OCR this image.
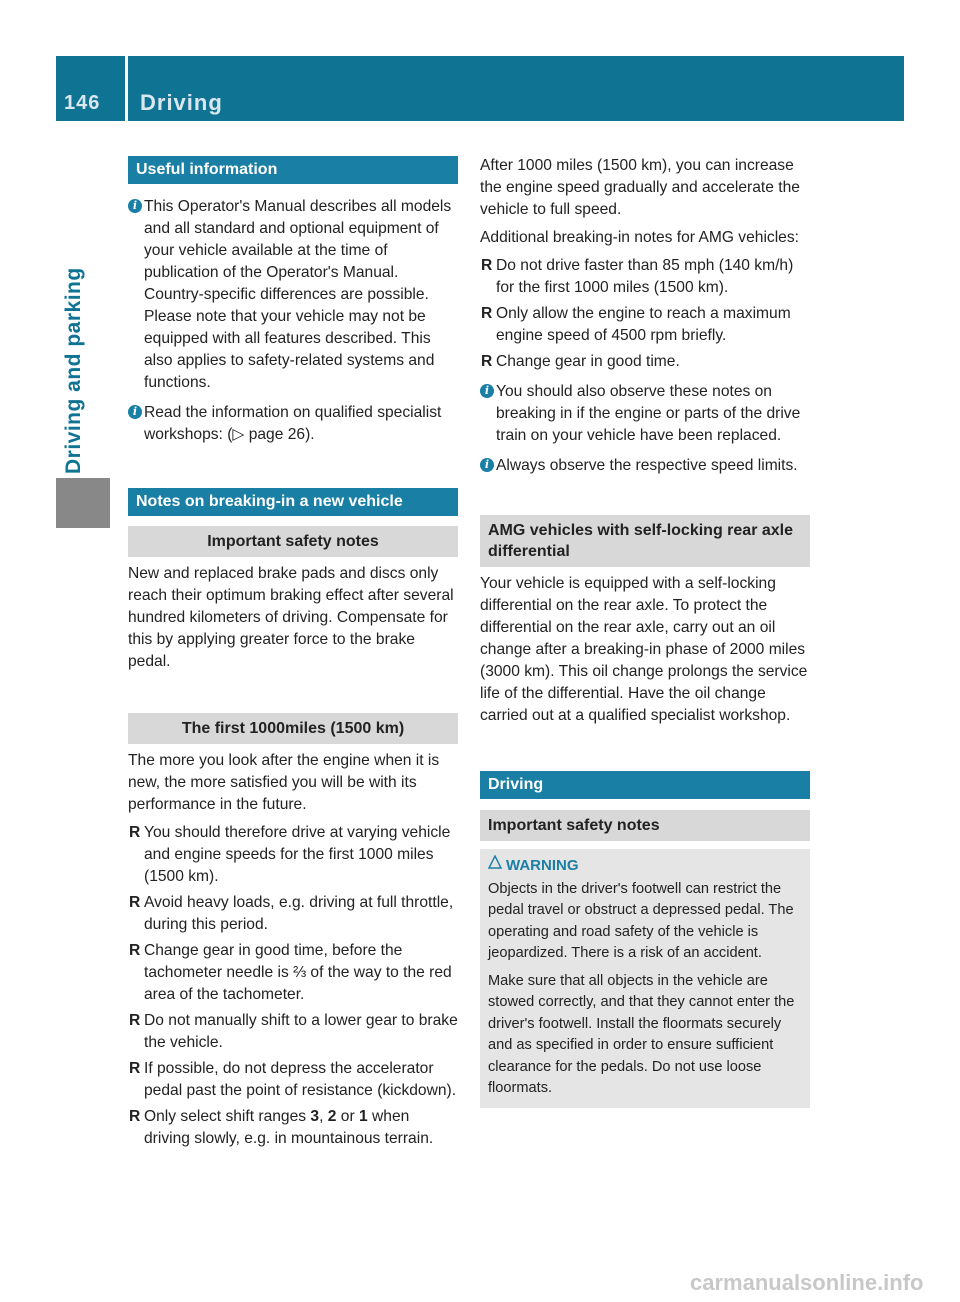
146 Driving
Driving and parking
Useful information
i This Operator's Manual describes all models and all standard and optional equipment of your vehicle available at the time of publication of the Operator's Manual. Country-specific differences are possible. Please note that your vehicle may not be equipped with all features described. This also applies to safety-related systems and functions.
i Read the information on qualified specialist workshops: (▷ page 26).
Notes on breaking-in a new vehicle
Important safety notes

New and replaced brake pads and discs only reach their optimum braking effect after several hundred kilometers of driving. Compensate for this by applying greater force to the brake pedal.

The first 1000miles (1500 km)

The more you look after the engine when it is new, the more satisfied you will be with its performance in the future.

R You should therefore drive at varying vehicle and engine speeds for the first 1000 miles (1500 km).
R Avoid heavy loads, e.g. driving at full throttle, during this period.
R Change gear in good time, before the tachometer needle is ⅔ of the way to the red area of the tachometer.
R Do not manually shift to a lower gear to brake the vehicle.
R If possible, do not depress the accelerator pedal past the point of resistance (kickdown).
R Only select shift ranges 3, 2 or 1 when driving slowly, e.g. in mountainous terrain.

After 1000 miles (1500 km), you can increase the engine speed gradually and accelerate the vehicle to full speed.

Additional breaking-in notes for AMG vehicles:

R Do not drive faster than 85 mph (140 km/h) for the first 1000 miles (1500 km).
R Only allow the engine to reach a maximum engine speed of 4500 rpm briefly.
R Change gear in good time.
i You should also observe these notes on breaking in if the engine or parts of the drive train on your vehicle have been replaced.
i Always observe the respective speed limits.
AMG vehicles with self-locking rear axle differential

Your vehicle is equipped with a self-locking differential on the rear axle. To protect the differential on the rear axle, carry out an oil change after a breaking-in phase of 2000 miles (3000 km). This oil change prolongs the service life of the differential. Have the oil change carried out at a qualified specialist workshop.

Driving
Important safety notes
WARNING

Objects in the driver's footwell can restrict the pedal travel or obstruct a depressed pedal. The operating and road safety of the vehicle is jeopardized. There is a risk of an accident.

Make sure that all objects in the vehicle are stowed correctly, and that they cannot enter the driver's footwell. Install the floormats securely and as specified in order to ensure sufficient clearance for the pedals. Do not use loose floormats.

carmanualsonline.info
